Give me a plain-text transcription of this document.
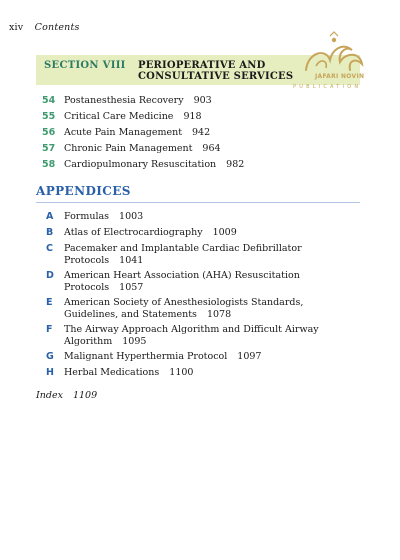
xiv Contents
SECTION VIII PERIOPERATIVE AND
CONSULTATIVE SERVICES	JAFARI NOVIN
PUBLICATION
54 Postanesthesia Recovery 903
55 Critical Care Medicine 918
56 Acute Pain Management 942
57 Chronic Pain Management 964
58 Cardiopulmonary Resuscitation 982
APPENDICES
A	Formulas 1003
B	Atlas of Electrocardiography 1009
C	Pacemaker and Implantable Cardiac Defibrillator Protocols 1041
D	American Heart Association (AHA) Resuscitation Protocols 1057
E	American Society of Anesthesiologists Standards, Guidelines, and Statements 1078
F	The Airway Approach Algorithm and Difficult Airway Algorithm 1095
G	Malignant Hyperthermia Protocol 1097
H	Herbal Medications 1100
Index 1109
